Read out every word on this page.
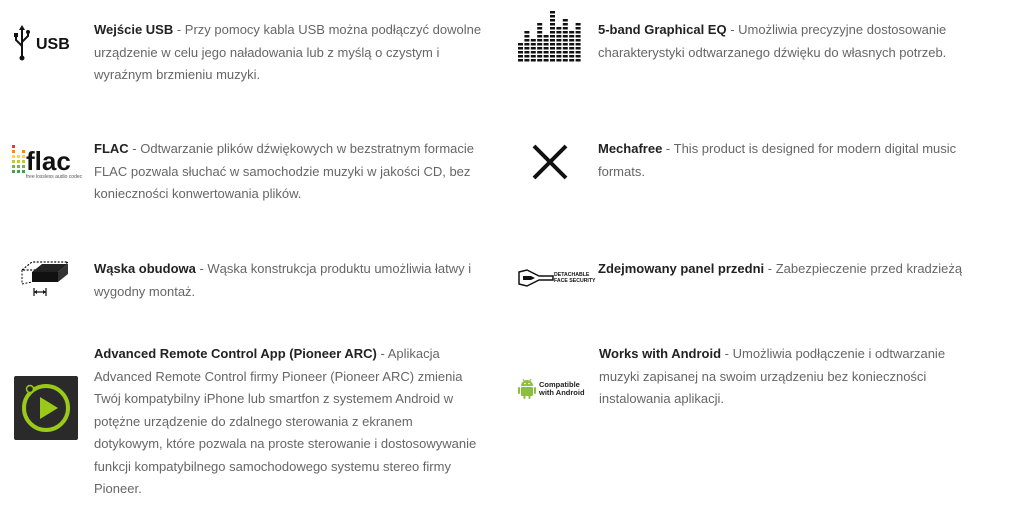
USB

Wejście USB - Przy pomocy kabla USB można podłączyć dowolne urządzenie w celu jego naładowania lub z myślą o czystym i wyraźnym brzmieniu muzyki.

5-band Graphical EQ - Umożliwia precyzyjne dostosowanie charakterystyki odtwarzanego dźwięku do własnych potrzeb.

flac
free lossless audio codec

FLAC - Odtwarzanie plików dźwiękowych w bezstratnym formacie FLAC pozwala słuchać w samochodzie muzyki w jakości CD, bez konieczności konwertowania plików.

Mechafree - This product is designed for modern digital music formats.

Wąska obudowa - Wąska konstrukcja produktu umożliwia łatwy i wygodny montaż.

DETACHABLE
FACE SECURITY

Zdejmowany panel przedni - Zabezpieczenie przed kradzieżą

Advanced Remote Control App (Pioneer ARC) - Aplikacja Advanced Remote Control firmy Pioneer (Pioneer ARC) zmienia Twój kompatybilny iPhone lub smartfon z systemem Android w potężne urządzenie do zdalnego sterowania z ekranem dotykowym, które pozwala na proste sterowanie i dostosowywanie funkcji kompatybilnego samochodowego systemu stereo firmy Pioneer.

Compatible
with Android

Works with Android - Umożliwia podłączenie i odtwarzanie muzyki zapisanej na swoim urządzeniu bez konieczności instalowania aplikacji.
